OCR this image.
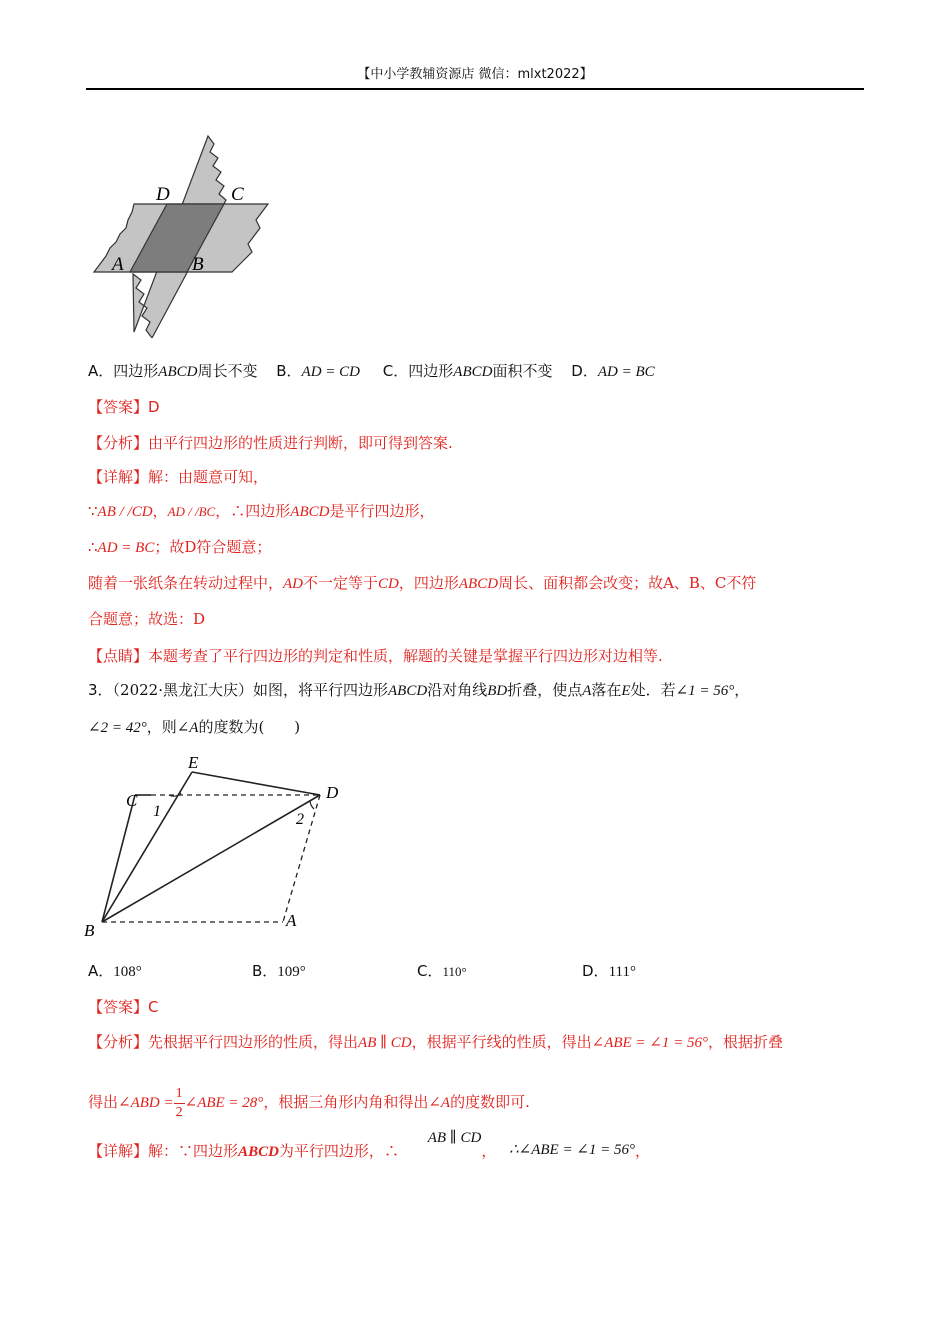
【中小学教辅资源店 微信：mlxt2022】
D	C
A	B
A．四边形ABCD周长不变 B．AD = CD C．四边形ABCD面积不变 D．AD = BC
【答案】D
【分析】由平行四边形的性质进行判断，即可得到答案.
【详解】解：由题意可知，
∵AB / /CD，AD / /BC，∴四边形ABCD是平行四边形，
∴AD = BC；故D符合题意；
随着一张纸条在转动过程中，AD不一定等于CD，四边形ABCD周长、面积都会改变；故A、B、C不符
合题意；故选：D
【点睛】本题考查了平行四边形的判定和性质，解题的关键是掌握平行四边形对边相等.
3．（2022·黑龙江大庆）如图，将平行四边形ABCD沿对角线BD折叠，使点A落在E处．若∠1 = 56°，
∠2 = 42°，则∠A的度数为(　　)
E
C	D
B
A
1	2
A．108°	B．109°	C．110°	D．111°
【答案】C
【分析】先根据平行四边形的性质，得出AB ∥ CD，根据平行线的性质，得出∠ABE = ∠1 = 56°，根据折叠
得出∠ABD = $\frac{1}{2}$ ∠ABE = 28°，根据三角形内角和得出∠A的度数即可.
【详解】解：∵四边形ABCD为平行四边形，∴ AB ∥ CD， ∴∠ABE = ∠1 = 56°，
